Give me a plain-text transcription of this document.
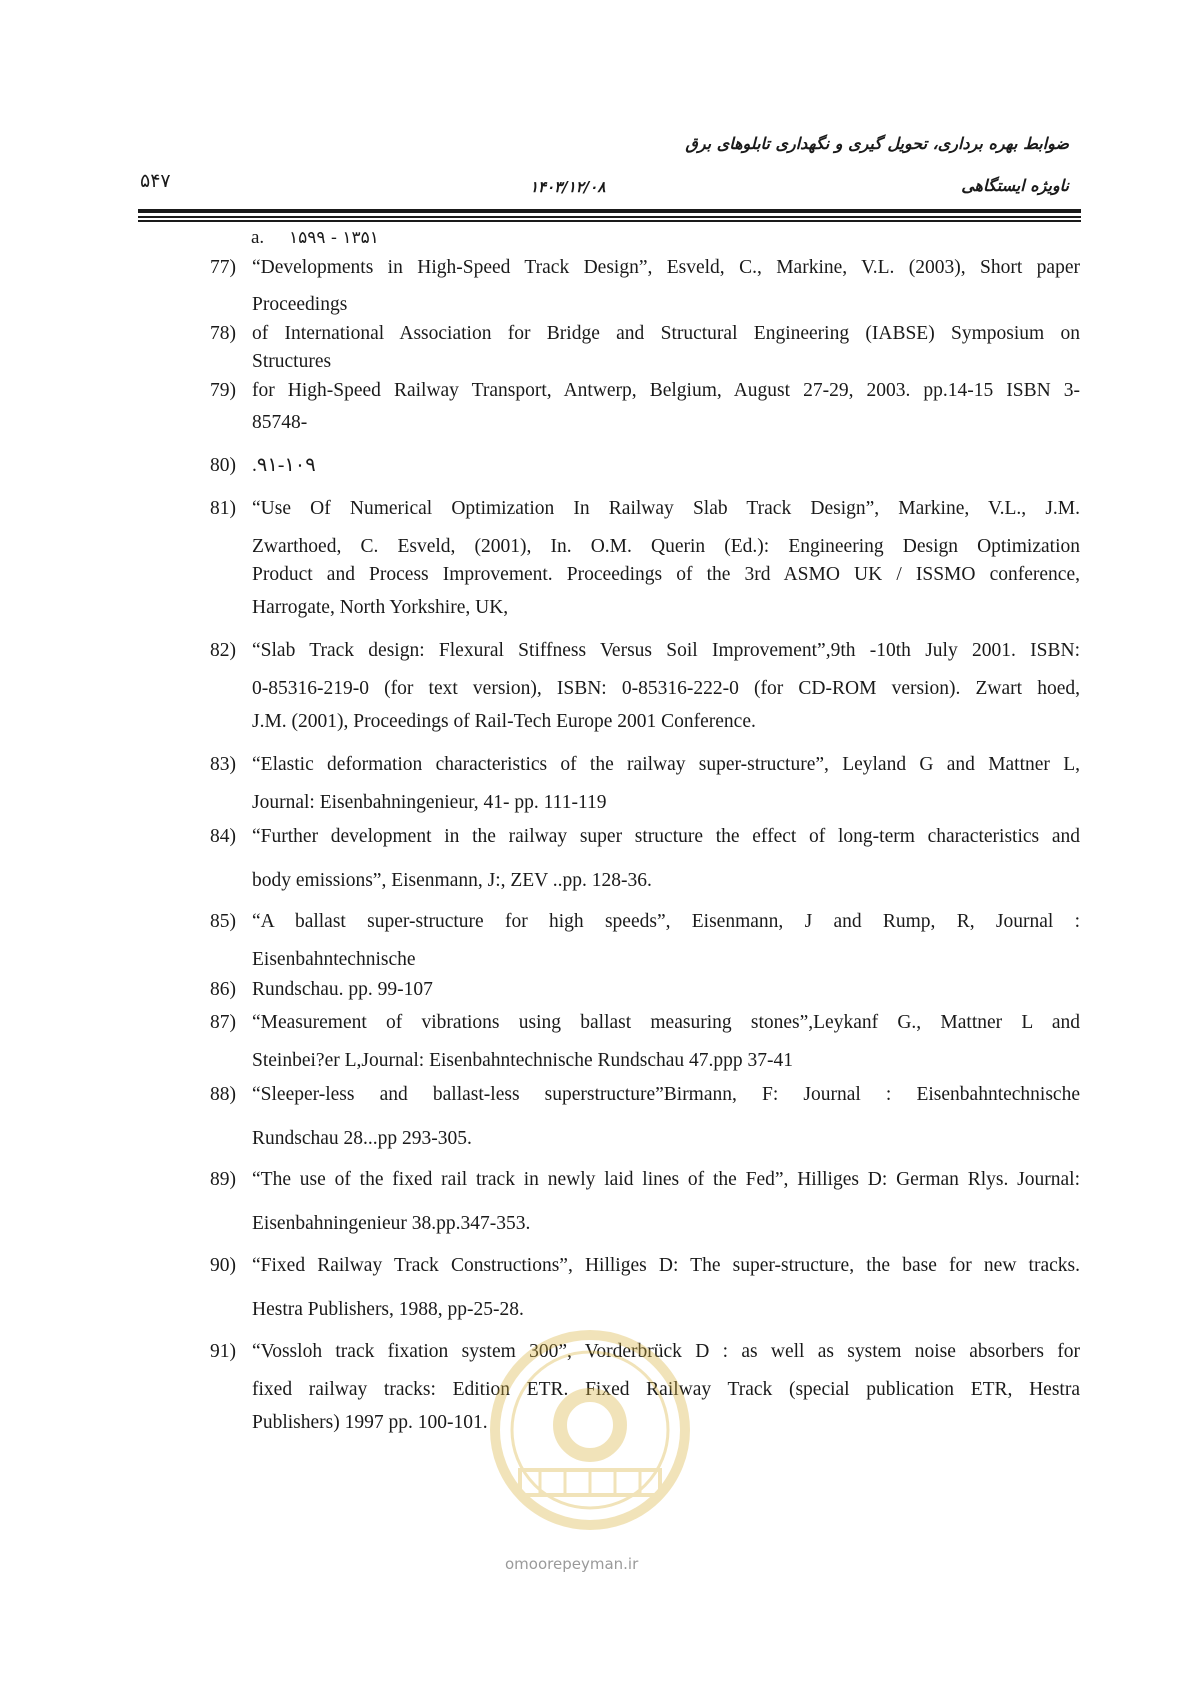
ضوابط بهره برداری، تحویل گیری و نگهداری تابلوهای برق
۵۴۷	۱۴۰۳/۱۲/۰۸	ناویژه ایستگاهی
a. ۱۵۹۹ - ۱۳۵۱
77) “Developments in High-Speed Track Design”, Esveld, C., Markine, V.L. (2003), Short paper
Proceedings
78) of International Association for Bridge and Structural Engineering (IABSE) Symposium on
Structures
79) for High-Speed Railway Transport, Antwerp, Belgium, August 27-29, 2003. pp.14-15 ISBN 3-
85748-
80) .۹۱-۱۰۹
81) “Use Of Numerical Optimization In Railway Slab Track Design”, Markine, V.L., J.M.
Zwarthoed, C. Esveld, (2001), In. O.M. Querin (Ed.): Engineering Design Optimization
Product and Process Improvement. Proceedings of the 3rd ASMO UK / ISSMO conference,
Harrogate, North Yorkshire, UK,
82) “Slab Track design: Flexural Stiffness Versus Soil Improvement”,9th -10th July 2001. ISBN:
0-85316-219-0 (for text version), ISBN: 0-85316-222-0 (for CD-ROM version). Zwart hoed,
J.M. (2001), Proceedings of Rail-Tech Europe 2001 Conference.
83) “Elastic deformation characteristics of the railway super-structure”, Leyland G and Mattner L,
Journal: Eisenbahningenieur, 41- pp. 111-119
84) “Further development in the railway super structure the effect of long-term characteristics and
body emissions”, Eisenmann, J:, ZEV ..pp. 128-36.
85) “A ballast super-structure for high speeds”, Eisenmann, J and Rump, R, Journal :
Eisenbahntechnische
86) Rundschau. pp. 99-107
87) “Measurement of vibrations using ballast measuring stones”,Leykanf G., Mattner L and
Steinbei?er L,Journal: Eisenbahntechnische Rundschau 47.ppp 37-41
88) “Sleeper-less and ballast-less superstructure”Birmann, F: Journal : Eisenbahntechnische
Rundschau 28...pp 293-305.
89) “The use of the fixed rail track in newly laid lines of the Fed”, Hilliges D: German Rlys. Journal:
Eisenbahningenieur 38.pp.347-353.
90) “Fixed Railway Track Constructions”, Hilliges D: The super-structure, the base for new tracks.
Hestra Publishers, 1988, pp-25-28.
91) “Vossloh track fixation system 300”, Vorderbrück D : as well as system noise absorbers for
fixed railway tracks: Edition ETR. Fixed Railway Track (special publication ETR, Hestra
Publishers) 1997 pp. 100-101.
omoorepeyman.ir
